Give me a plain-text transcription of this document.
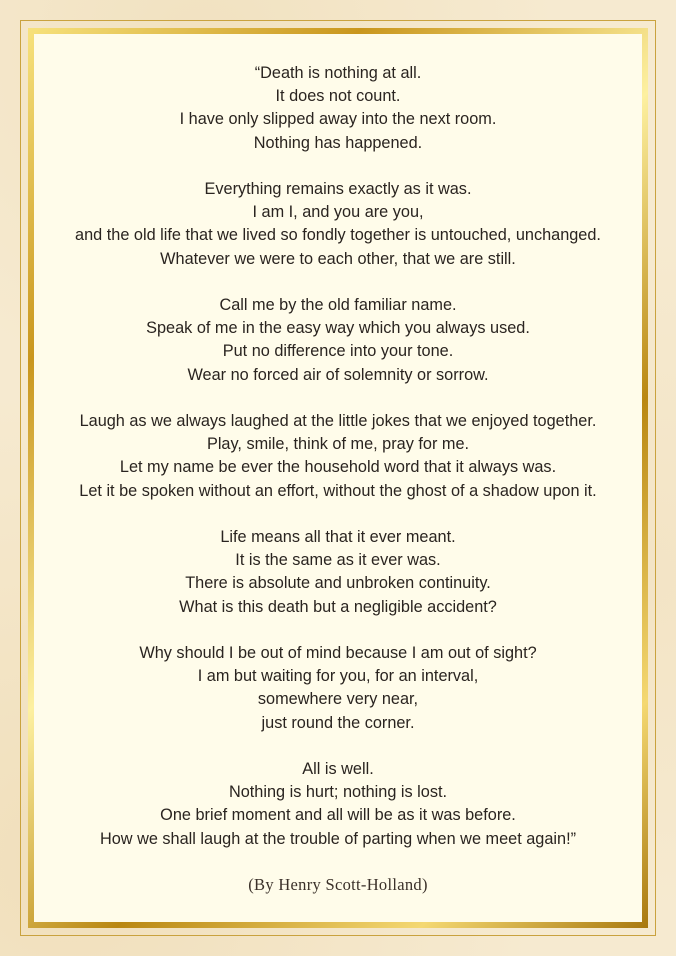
“Death is nothing at all.
It does not count.
I have only slipped away into the next room.
Nothing has happened.
Everything remains exactly as it was.
I am I, and you are you,
and the old life that we lived so fondly together is untouched, unchanged.
Whatever we were to each other, that we are still.
Call me by the old familiar name.
Speak of me in the easy way which you always used.
Put no difference into your tone.
Wear no forced air of solemnity or sorrow.
Laugh as we always laughed at the little jokes that we enjoyed together.
Play, smile, think of me, pray for me.
Let my name be ever the household word that it always was.
Let it be spoken without an effort, without the ghost of a shadow upon it.
Life means all that it ever meant.
It is the same as it ever was.
There is absolute and unbroken continuity.
What is this death but a negligible accident?
Why should I be out of mind because I am out of sight?
I am but waiting for you, for an interval,
somewhere very near,
just round the corner.
All is well.
Nothing is hurt; nothing is lost.
One brief moment and all will be as it was before.
How we shall laugh at the trouble of parting when we meet again!”
(By Henry Scott-Holland)
